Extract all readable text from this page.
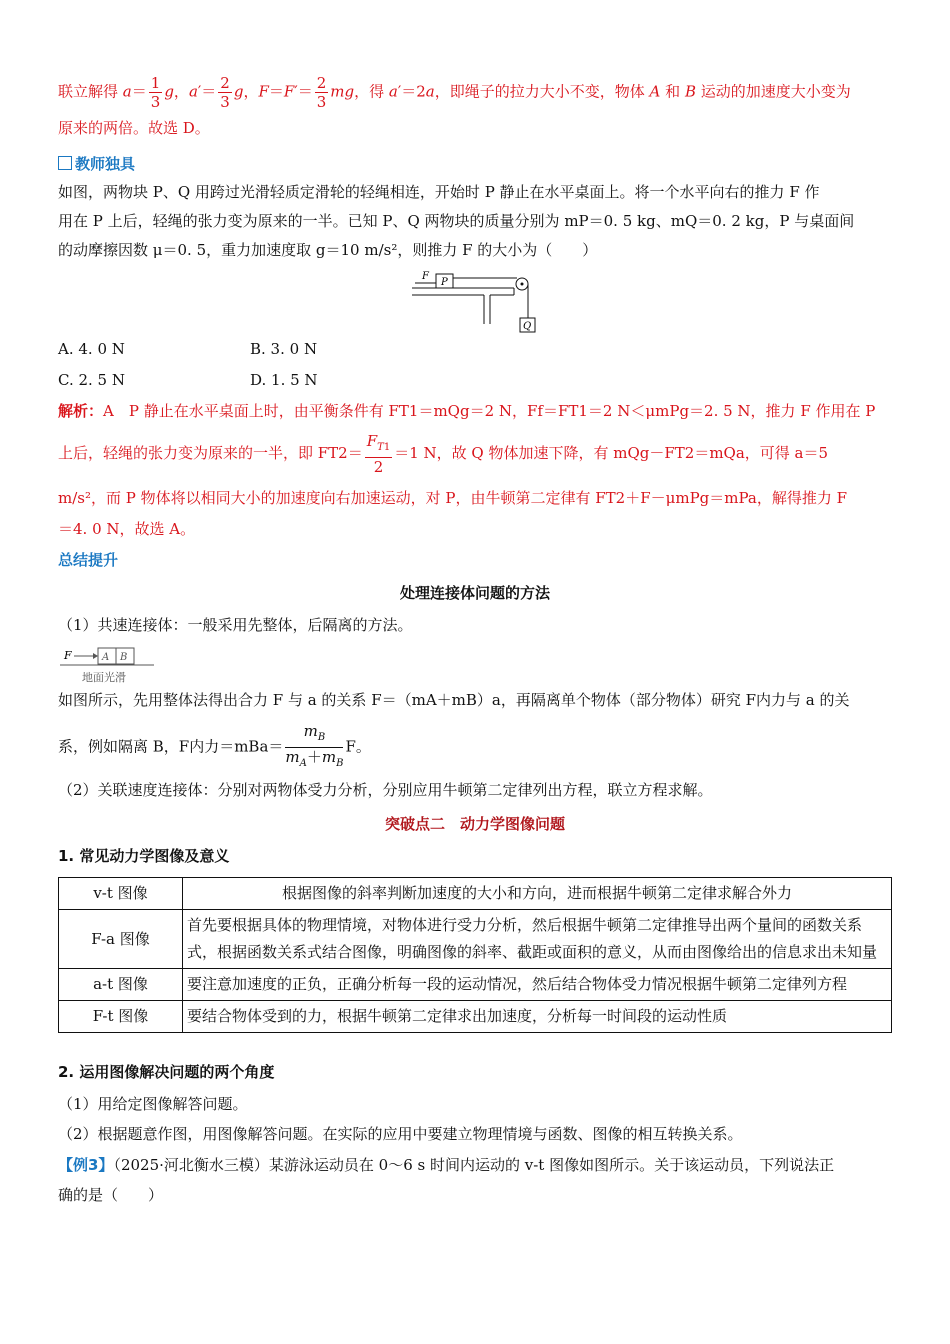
联立解得 $a= \frac{1}{3}$ g，$a'= \frac{2}{3}$ g，$F=F'= \frac{2}{3}$ mg，得 a′＝2a，即绳子的拉力大小不变，物体 A 和 B 运动的加速度大小变为
原来的两倍。故选 D。
教师独具
如图，两物块 P、Q 用跨过光滑轻质定滑轮的轻绳相连，开始时 P 静止在水平桌面上。将一个水平向右的推力 F 作
用在 P 上后，轻绳的张力变为原来的一半。已知 P、Q 两物块的质量分别为 mP＝0. 5 kg、mQ＝0. 2 kg，P 与桌面间
的动摩擦因数 μ＝0. 5，重力加速度取 g＝10 m/s²，则推力 F 的大小为（　　）
F
P
Q
A. 4. 0 N	B. 3. 0 N
C. 2. 5 N	D. 1. 5 N
解析：A　 P 静止在水平桌面上时，由平衡条件有 FT1＝mQg＝2 N，Ff＝FT1＝2 N＜μmPg＝2. 5 N，推力 F 作用在 P
上后，轻绳的张力变为原来的一半，即 $FT2= \frac{F_{T1}}{2} =1$ N，故 Q 物体加速下降，有 mQg－FT2＝mQa，可得 a＝5
m/s²，而 P 物体将以相同大小的加速度向右加速运动，对 P，由牛顿第二定律有 FT2＋F－μmPg＝mPa，解得推力 F
＝4. 0 N，故选 A。
总结提升
处理连接体问题的方法
（1）共速连接体：一般采用先整体，后隔离的方法。
F	A B
地面光滑
如图所示，先用整体法得出合力 F 与 a 的关系 F＝（mA＋mB）a，再隔离单个物体（部分物体）研究 F内力与 a 的关
系，例如隔离 B，F内力$=mBa= \frac{m_B}{m_A+m_B}$ F。
（2）关联速度连接体：分别对两物体受力分析，分别应用牛顿第二定律列出方程，联立方程求解。
突破点二　动力学图像问题
1. 常见动力学图像及意义
v-t 图像	根据图像的斜率判断加速度的大小和方向，进而根据牛顿第二定律求解合外力
F-a 图像	首先要根据具体的物理情境，对物体进行受力分析，然后根据牛顿第二定律推导出两个量间的函数关系式，根据函数关系式结合图像，明确图像的斜率、截距或面积的意义，从而由图像给出的信息求出未知量
a-t 图像	要注意加速度的正负，正确分析每一段的运动情况，然后结合物体受力情况根据牛顿第二定律列方程
F-t 图像	要结合物体受到的力，根据牛顿第二定律求出加速度，分析每一时间段的运动性质
2. 运用图像解决问题的两个角度
（1）用给定图像解答问题。
（2）根据题意作图，用图像解答问题。在实际的应用中要建立物理情境与函数、图像的相互转换关系。
【例3】（2025·河北衡水三模）某游泳运动员在 0～6 s 时间内运动的 v-t 图像如图所示。关于该运动员，下列说法正
确的是（　　）
